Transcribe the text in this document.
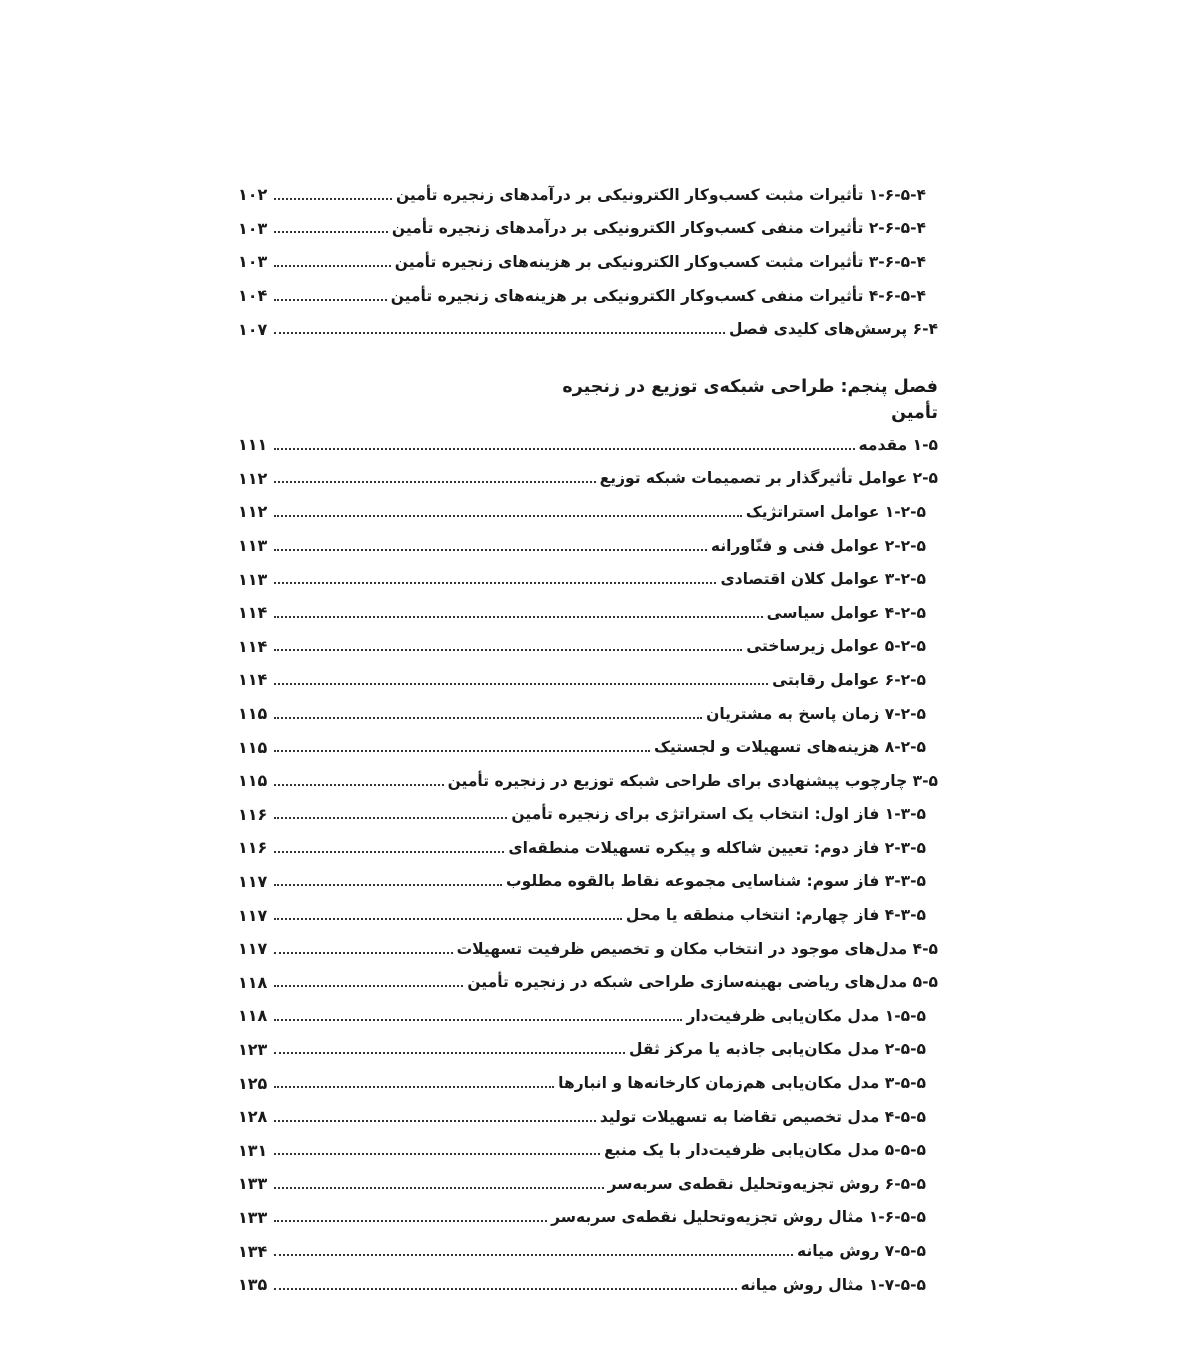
۱-۶-۵-۴ تأثیرات مثبت کسب‌وکار الکترونیکی بر درآمدهای زنجیره تأمین
۱۰۲
۲-۶-۵-۴ تأثیرات منفی کسب‌وکار الکترونیکی بر درآمدهای زنجیره تأمین
۱۰۳
۳-۶-۵-۴ تأثیرات مثبت کسب‌وکار الکترونیکی بر هزینه‌های زنجیره تأمین
۱۰۳
۴-۶-۵-۴ تأثیرات منفی کسب‌وکار الکترونیکی بر هزینه‌های زنجیره تأمین
۱۰۴
۶-۴ پرسش‌های کلیدی فصل
۱۰۷
فصل پنجم: طراحی شبکه‌ی توزیع در زنجیره تأمین
۱-۵ مقدمه
۱۱۱
۲-۵ عوامل تأثیرگذار بر تصمیمات شبکه توزیع
۱۱۲
۱-۲-۵ عوامل استراتژیک
۱۱۲
۲-۲-۵ عوامل فنی و فنّاورانه
۱۱۳
۳-۲-۵ عوامل کلان اقتصادی
۱۱۳
۴-۲-۵ عوامل سیاسی
۱۱۴
۵-۲-۵ عوامل زیرساختی
۱۱۴
۶-۲-۵ عوامل رقابتی
۱۱۴
۷-۲-۵ زمان پاسخ به مشتریان
۱۱۵
۸-۲-۵ هزینه‌های تسهیلات و لجستیک
۱۱۵
۳-۵ چارچوب پیشنهادی برای طراحی شبکه توزیع در زنجیره تأمین
۱۱۵
۱-۳-۵ فاز اول: انتخاب یک استراتژی برای زنجیره تأمین
۱۱۶
۲-۳-۵ فاز دوم: تعیین شاکله و پیکره تسهیلات منطقه‌ای
۱۱۶
۳-۳-۵ فاز سوم: شناسایی مجموعه نقاط بالقوه مطلوب
۱۱۷
۴-۳-۵ فاز چهارم: انتخاب منطقه یا محل
۱۱۷
۴-۵ مدل‌های موجود در انتخاب مکان و تخصیص ظرفیت تسهیلات
۱۱۷
۵-۵ مدل‌های ریاضی بهینه‌سازی طراحی شبکه در زنجیره تأمین
۱۱۸
۱-۵-۵ مدل مکان‌یابی ظرفیت‌دار
۱۱۸
۲-۵-۵ مدل مکان‌یابی جاذبه یا مرکز ثقل
۱۲۳
۳-۵-۵ مدل مکان‌یابی هم‌زمان کارخانه‌ها و انبارها
۱۲۵
۴-۵-۵ مدل تخصیص تقاضا به تسهیلات تولید
۱۲۸
۵-۵-۵ مدل مکان‌یابی ظرفیت‌دار با یک منبع
۱۳۱
۶-۵-۵ روش تجزیه‌وتحلیل نقطه‌ی سربه‌سر
۱۳۳
۱-۶-۵-۵ مثال روش تجزیه‌وتحلیل نقطه‌ی سربه‌سر
۱۳۳
۷-۵-۵ روش میانه
۱۳۴
۱-۷-۵-۵ مثال روش میانه
۱۳۵
